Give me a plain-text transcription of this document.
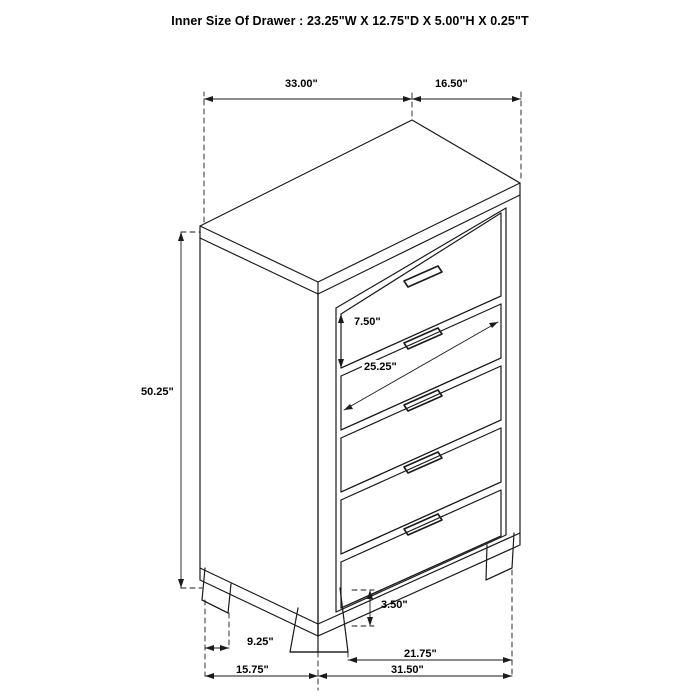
Inner Size Of Drawer : 23.25"W X 12.75"D X 5.00"H X 0.25"T
33.00"	16.50"
50.25"
7.50"
25.25"
3.50"
9.25"
15.75"
21.75"
31.50"
